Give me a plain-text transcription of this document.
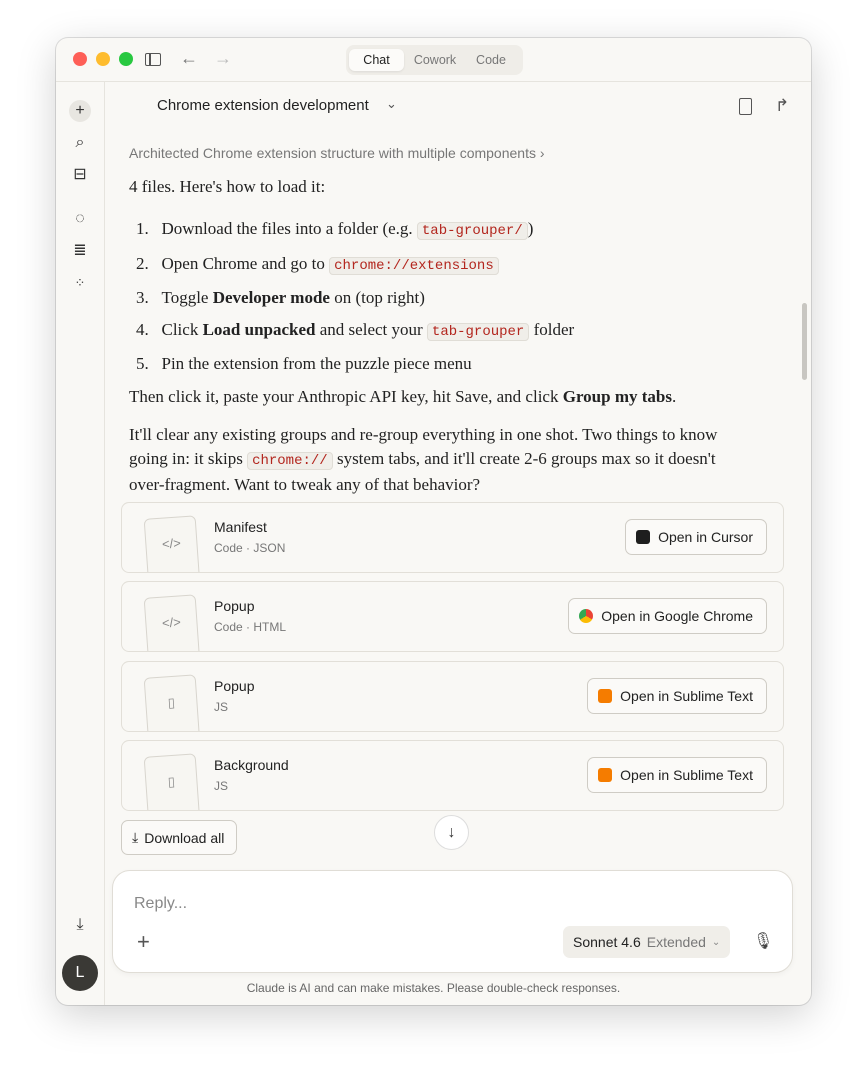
← →	Chat	Cowork	Code
+
⌕
⊟
◌
≣
⁘
⤓
L
Chrome extension development ⌄	↱
Architected Chrome extension structure with multiple components ›
4 files. Here's how to load it:
1.   Download the files into a folder (e.g. tab-grouper/ )
2.   Open Chrome and go to chrome://extensions
3.   Toggle Developer mode on (top right)
4.   Click Load unpacked and select your tab-grouper folder
5.   Pin the extension from the puzzle piece menu
Then click it, paste your Anthropic API key, hit Save, and click Group my tabs.
It'll clear any existing groups and re-group everything in one shot. Two things to know going in: it skips chrome:// system tabs, and it'll create 2-6 groups max so it doesn't over-fragment. Want to tweak any of that behavior?
</>
Manifest
Code · JSON
Open in Cursor
</>
Popup
Code · HTML
Open in Google Chrome
▯
Popup
JS
Open in Sublime Text
▯
Background
JS
Open in Sublime Text
⤓ Download all	↓
Reply...
+	Sonnet 4.6 Extended ⌄ 🎙︎
Claude is AI and can make mistakes. Please double-check responses.
